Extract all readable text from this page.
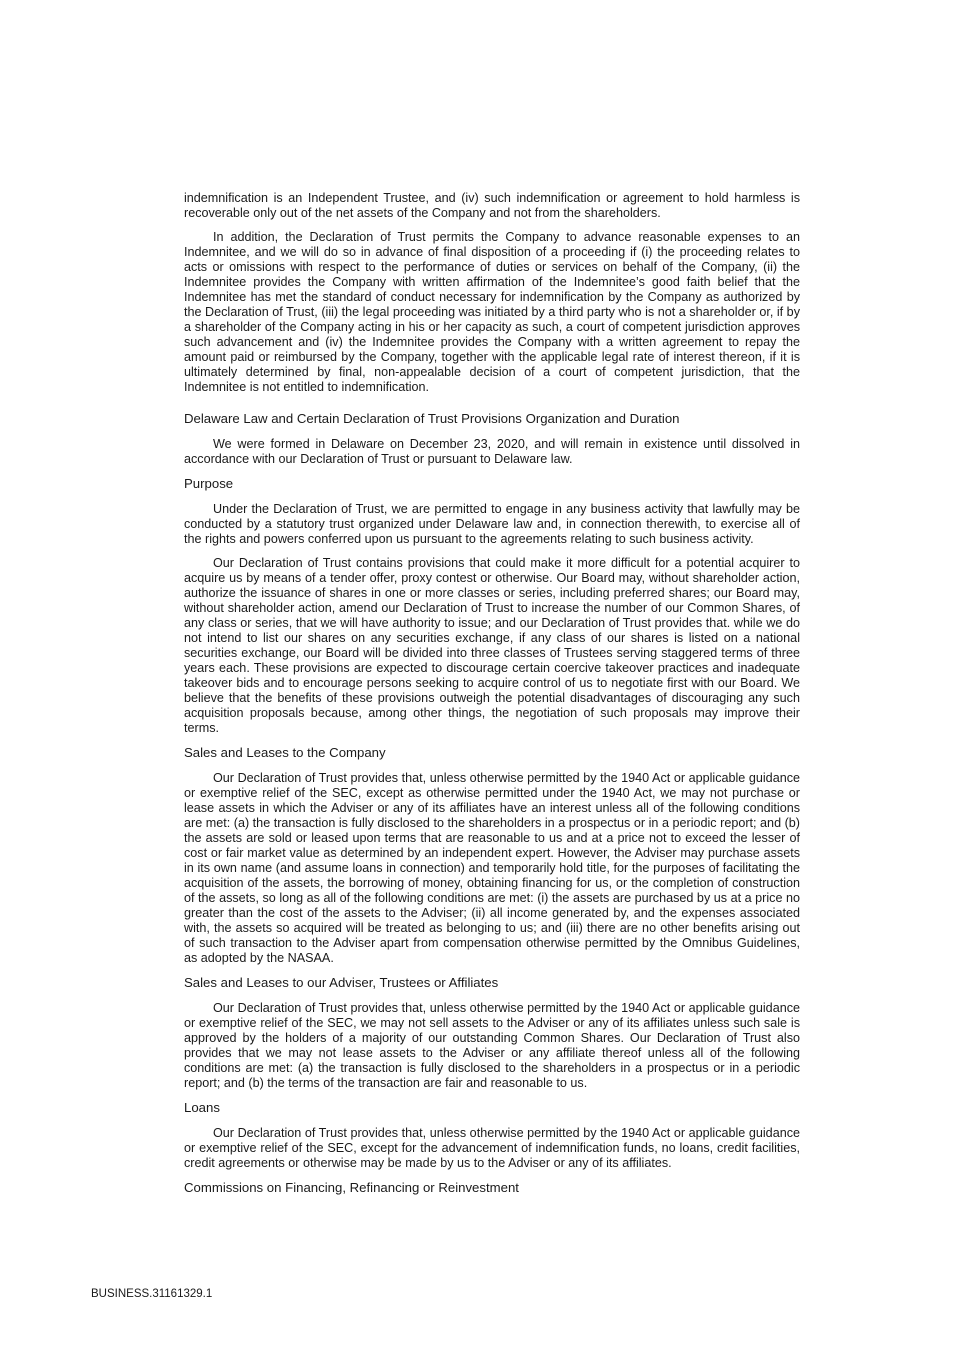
indemnification is an Independent Trustee, and (iv) such indemnification or agreement to hold harmless is recoverable only out of the net assets of the Company and not from the shareholders.

In addition, the Declaration of Trust permits the Company to advance reasonable expenses to an Indemnitee, and we will do so in advance of final disposition of a proceeding if (i) the proceeding relates to acts or omissions with respect to the performance of duties or services on behalf of the Company, (ii) the Indemnitee provides the Company with written affirmation of the Indemnitee’s good faith belief that the Indemnitee has met the standard of conduct necessary for indemnification by the Company as authorized by the Declaration of Trust, (iii) the legal proceeding was initiated by a third party who is not a shareholder or, if by a shareholder of the Company acting in his or her capacity as such, a court of competent jurisdiction approves such advancement and (iv) the Indemnitee provides the Company with a written agreement to repay the amount paid or reimbursed by the Company, together with the applicable legal rate of interest thereon, if it is ultimately determined by final, non-appealable decision of a court of competent jurisdiction, that the Indemnitee is not entitled to indemnification.

Delaware Law and Certain Declaration of Trust Provisions Organization and Duration

We were formed in Delaware on December 23, 2020, and will remain in existence until dissolved in accordance with our Declaration of Trust or pursuant to Delaware law.

Purpose

Under the Declaration of Trust, we are permitted to engage in any business activity that lawfully may be conducted by a statutory trust organized under Delaware law and, in connection therewith, to exercise all of the rights and powers conferred upon us pursuant to the agreements relating to such business activity.

Our Declaration of Trust contains provisions that could make it more difficult for a potential acquirer to acquire us by means of a tender offer, proxy contest or otherwise. Our Board may, without shareholder action, authorize the issuance of shares in one or more classes or series, including preferred shares; our Board may, without shareholder action, amend our Declaration of Trust to increase the number of our Common Shares, of any class or series, that we will have authority to issue; and our Declaration of Trust provides that. while we do not intend to list our shares on any securities exchange, if any class of our shares is listed on a national securities exchange, our Board will be divided into three classes of Trustees serving staggered terms of three years each. These provisions are expected to discourage certain coercive takeover practices and inadequate takeover bids and to encourage persons seeking to acquire control of us to negotiate first with our Board. We believe that the benefits of these provisions outweigh the potential disadvantages of discouraging any such acquisition proposals because, among other things, the negotiation of such proposals may improve their terms.

Sales and Leases to the Company

Our Declaration of Trust provides that, unless otherwise permitted by the 1940 Act or applicable guidance or exemptive relief of the SEC, except as otherwise permitted under the 1940 Act, we may not purchase or lease assets in which the Adviser or any of its affiliates have an interest unless all of the following conditions are met: (a) the transaction is fully disclosed to the shareholders in a prospectus or in a periodic report; and (b) the assets are sold or leased upon terms that are reasonable to us and at a price not to exceed the lesser of cost or fair market value as determined by an independent expert. However, the Adviser may purchase assets in its own name (and assume loans in connection) and temporarily hold title, for the purposes of facilitating the acquisition of the assets, the borrowing of money, obtaining financing for us, or the completion of construction of the assets, so long as all of the following conditions are met: (i) the assets are purchased by us at a price no greater than the cost of the assets to the Adviser; (ii) all income generated by, and the expenses associated with, the assets so acquired will be treated as belonging to us; and (iii) there are no other benefits arising out of such transaction to the Adviser apart from compensation otherwise permitted by the Omnibus Guidelines, as adopted by the NASAA.

Sales and Leases to our Adviser, Trustees or Affiliates

Our Declaration of Trust provides that, unless otherwise permitted by the 1940 Act or applicable guidance or exemptive relief of the SEC, we may not sell assets to the Adviser or any of its affiliates unless such sale is approved by the holders of a majority of our outstanding Common Shares. Our Declaration of Trust also provides that we may not lease assets to the Adviser or any affiliate thereof unless all of the following conditions are met: (a) the transaction is fully disclosed to the shareholders in a prospectus or in a periodic report; and (b) the terms of the transaction are fair and reasonable to us.

Loans

Our Declaration of Trust provides that, unless otherwise permitted by the 1940 Act or applicable guidance or exemptive relief of the SEC, except for the advancement of indemnification funds, no loans, credit facilities, credit agreements or otherwise may be made by us to the Adviser or any of its affiliates.

Commissions on Financing, Refinancing or Reinvestment
BUSINESS.31161329.1
